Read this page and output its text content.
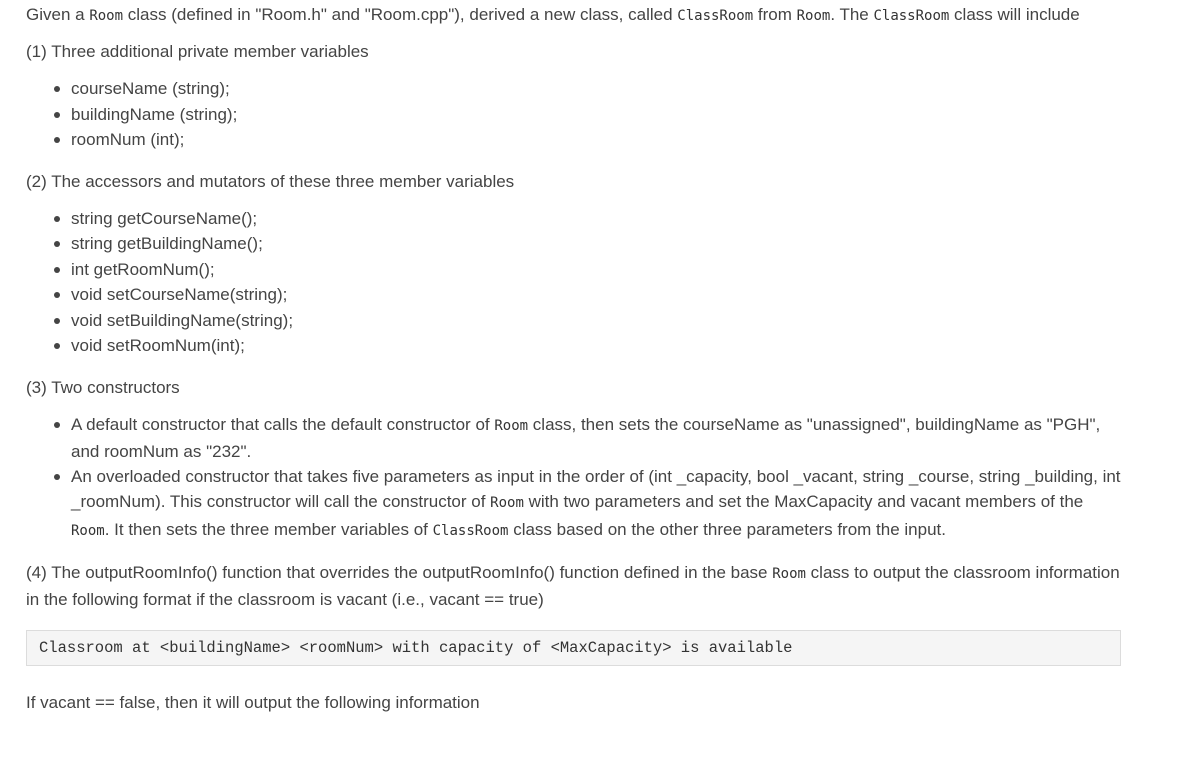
Given a Room class (defined in "Room.h" and "Room.cpp"), derived a new class, called ClassRoom from Room. The ClassRoom class will include

(1) Three additional private member variables

courseName (string);
buildingName (string);
roomNum (int);

(2) The accessors and mutators of these three member variables

string getCourseName();
string getBuildingName();
int getRoomNum();
void setCourseName(string);
void setBuildingName(string);
void setRoomNum(int);

(3) Two constructors

A default constructor that calls the default constructor of Room class, then sets the courseName as "unassigned", buildingName as "PGH", and roomNum as "232".
An overloaded constructor that takes five parameters as input in the order of (int _capacity, bool _vacant, string _course, string _building, int _roomNum). This constructor will call the constructor of Room with two parameters and set the MaxCapacity and vacant members of the Room. It then sets the three member variables of ClassRoom class based on the other three parameters from the input.

(4) The outputRoomInfo() function that overrides the outputRoomInfo() function defined in the base Room class to output the classroom information in the following format if the classroom is vacant (i.e., vacant == true)

Classroom at <buildingName> <roomNum> with capacity of <MaxCapacity> is available

If vacant == false, then it will output the following information
